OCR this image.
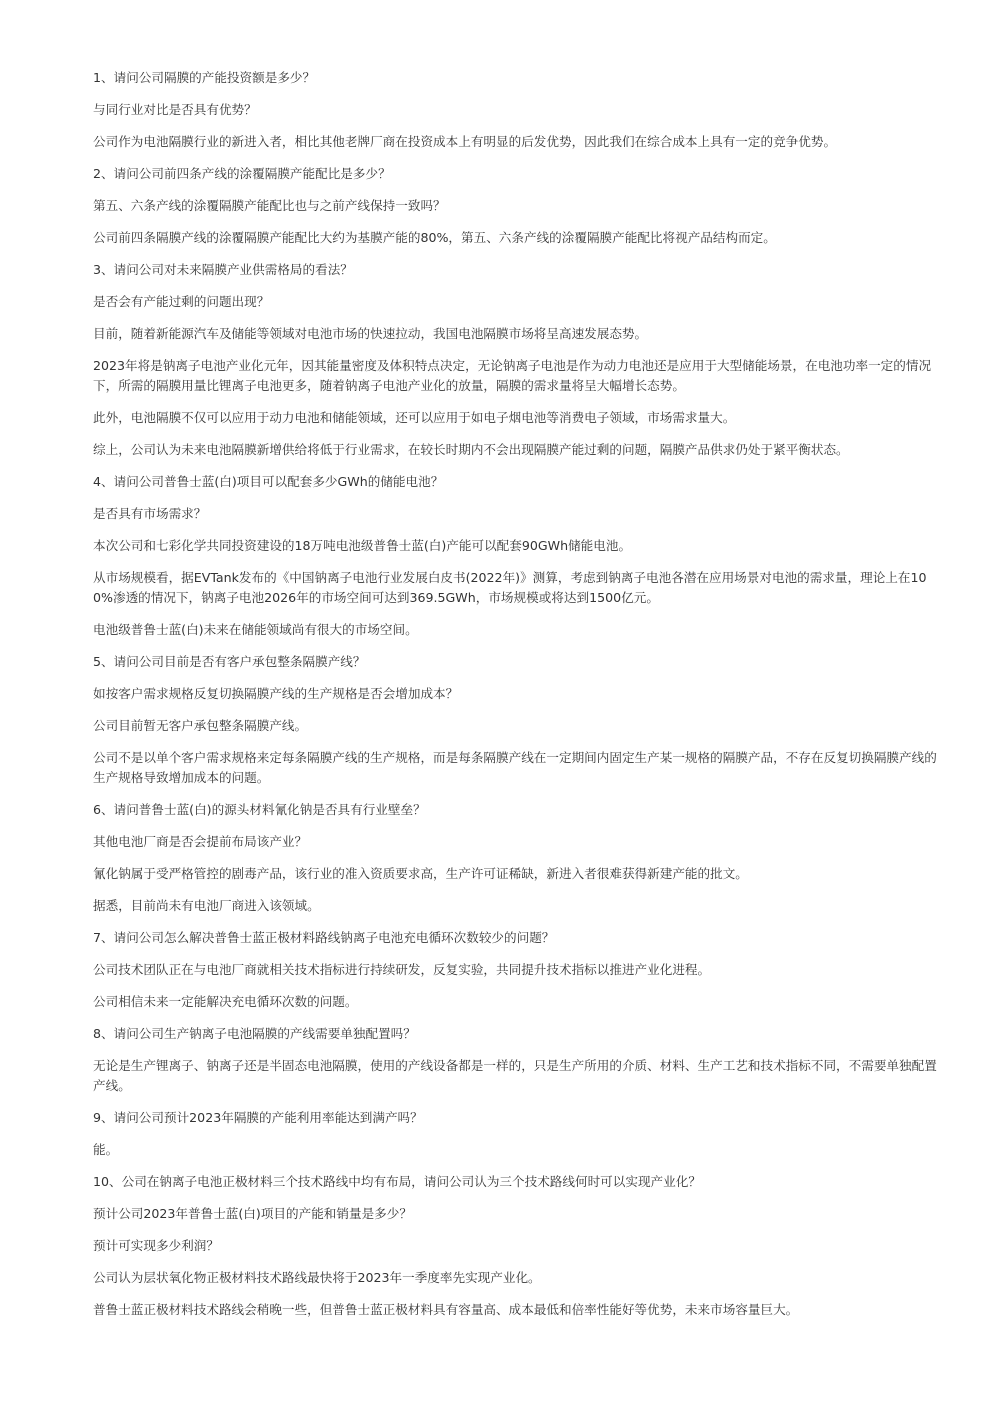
1、请问公司隔膜的产能投资额是多少？

与同行业对比是否具有优势？

公司作为电池隔膜行业的新进入者，相比其他老牌厂商在投资成本上有明显的后发优势，因此我们在综合成本上具有一定的竞争优势。

2、请问公司前四条产线的涂覆隔膜产能配比是多少？

第五、六条产线的涂覆隔膜产能配比也与之前产线保持一致吗？

公司前四条隔膜产线的涂覆隔膜产能配比大约为基膜产能的80%，第五、六条产线的涂覆隔膜产能配比将视产品结构而定。

3、请问公司对未来隔膜产业供需格局的看法？

是否会有产能过剩的问题出现？

目前，随着新能源汽车及储能等领域对电池市场的快速拉动，我国电池隔膜市场将呈高速发展态势。

2023年将是钠离子电池产业化元年，因其能量密度及体积特点决定，无论钠离子电池是作为动力电池还是应用于大型储能场景，在电池功率一定的情况下，所需的隔膜用量比锂离子电池更多，随着钠离子电池产业化的放量，隔膜的需求量将呈大幅增长态势。

此外，电池隔膜不仅可以应用于动力电池和储能领域，还可以应用于如电子烟电池等消费电子领域，市场需求量大。

综上，公司认为未来电池隔膜新增供给将低于行业需求，在较长时期内不会出现隔膜产能过剩的问题，隔膜产品供求仍处于紧平衡状态。

4、请问公司普鲁士蓝(白)项目可以配套多少GWh的储能电池？

是否具有市场需求？

本次公司和七彩化学共同投资建设的18万吨电池级普鲁士蓝(白)产能可以配套90GWh储能电池。

从市场规模看，据EVTank发布的《中国钠离子电池行业发展白皮书(2022年)》测算，考虑到钠离子电池各潜在应用场景对电池的需求量，理论上在100%渗透的情况下，钠离子电池2026年的市场空间可达到369.5GWh，市场规模或将达到1500亿元。

电池级普鲁士蓝(白)未来在储能领域尚有很大的市场空间。

5、请问公司目前是否有客户承包整条隔膜产线？

如按客户需求规格反复切换隔膜产线的生产规格是否会增加成本？

公司目前暂无客户承包整条隔膜产线。

公司不是以单个客户需求规格来定每条隔膜产线的生产规格，而是每条隔膜产线在一定期间内固定生产某一规格的隔膜产品，不存在反复切换隔膜产线的生产规格导致增加成本的问题。

6、请问普鲁士蓝(白)的源头材料氰化钠是否具有行业壁垒？

其他电池厂商是否会提前布局该产业？

氰化钠属于受严格管控的剧毒产品，该行业的准入资质要求高，生产许可证稀缺，新进入者很难获得新建产能的批文。

据悉，目前尚未有电池厂商进入该领域。

7、请问公司怎么解决普鲁士蓝正极材料路线钠离子电池充电循环次数较少的问题？

公司技术团队正在与电池厂商就相关技术指标进行持续研发，反复实验，共同提升技术指标以推进产业化进程。

公司相信未来一定能解决充电循环次数的问题。

8、请问公司生产钠离子电池隔膜的产线需要单独配置吗？

无论是生产锂离子、钠离子还是半固态电池隔膜，使用的产线设备都是一样的，只是生产所用的介质、材料、生产工艺和技术指标不同，不需要单独配置产线。

9、请问公司预计2023年隔膜的产能利用率能达到满产吗？

能。

10、公司在钠离子电池正极材料三个技术路线中均有布局，请问公司认为三个技术路线何时可以实现产业化？

预计公司2023年普鲁士蓝(白)项目的产能和销量是多少？

预计可实现多少利润？

公司认为层状氧化物正极材料技术路线最快将于2023年一季度率先实现产业化。

普鲁士蓝正极材料技术路线会稍晚一些，但普鲁士蓝正极材料具有容量高、成本最低和倍率性能好等优势，未来市场容量巨大。
